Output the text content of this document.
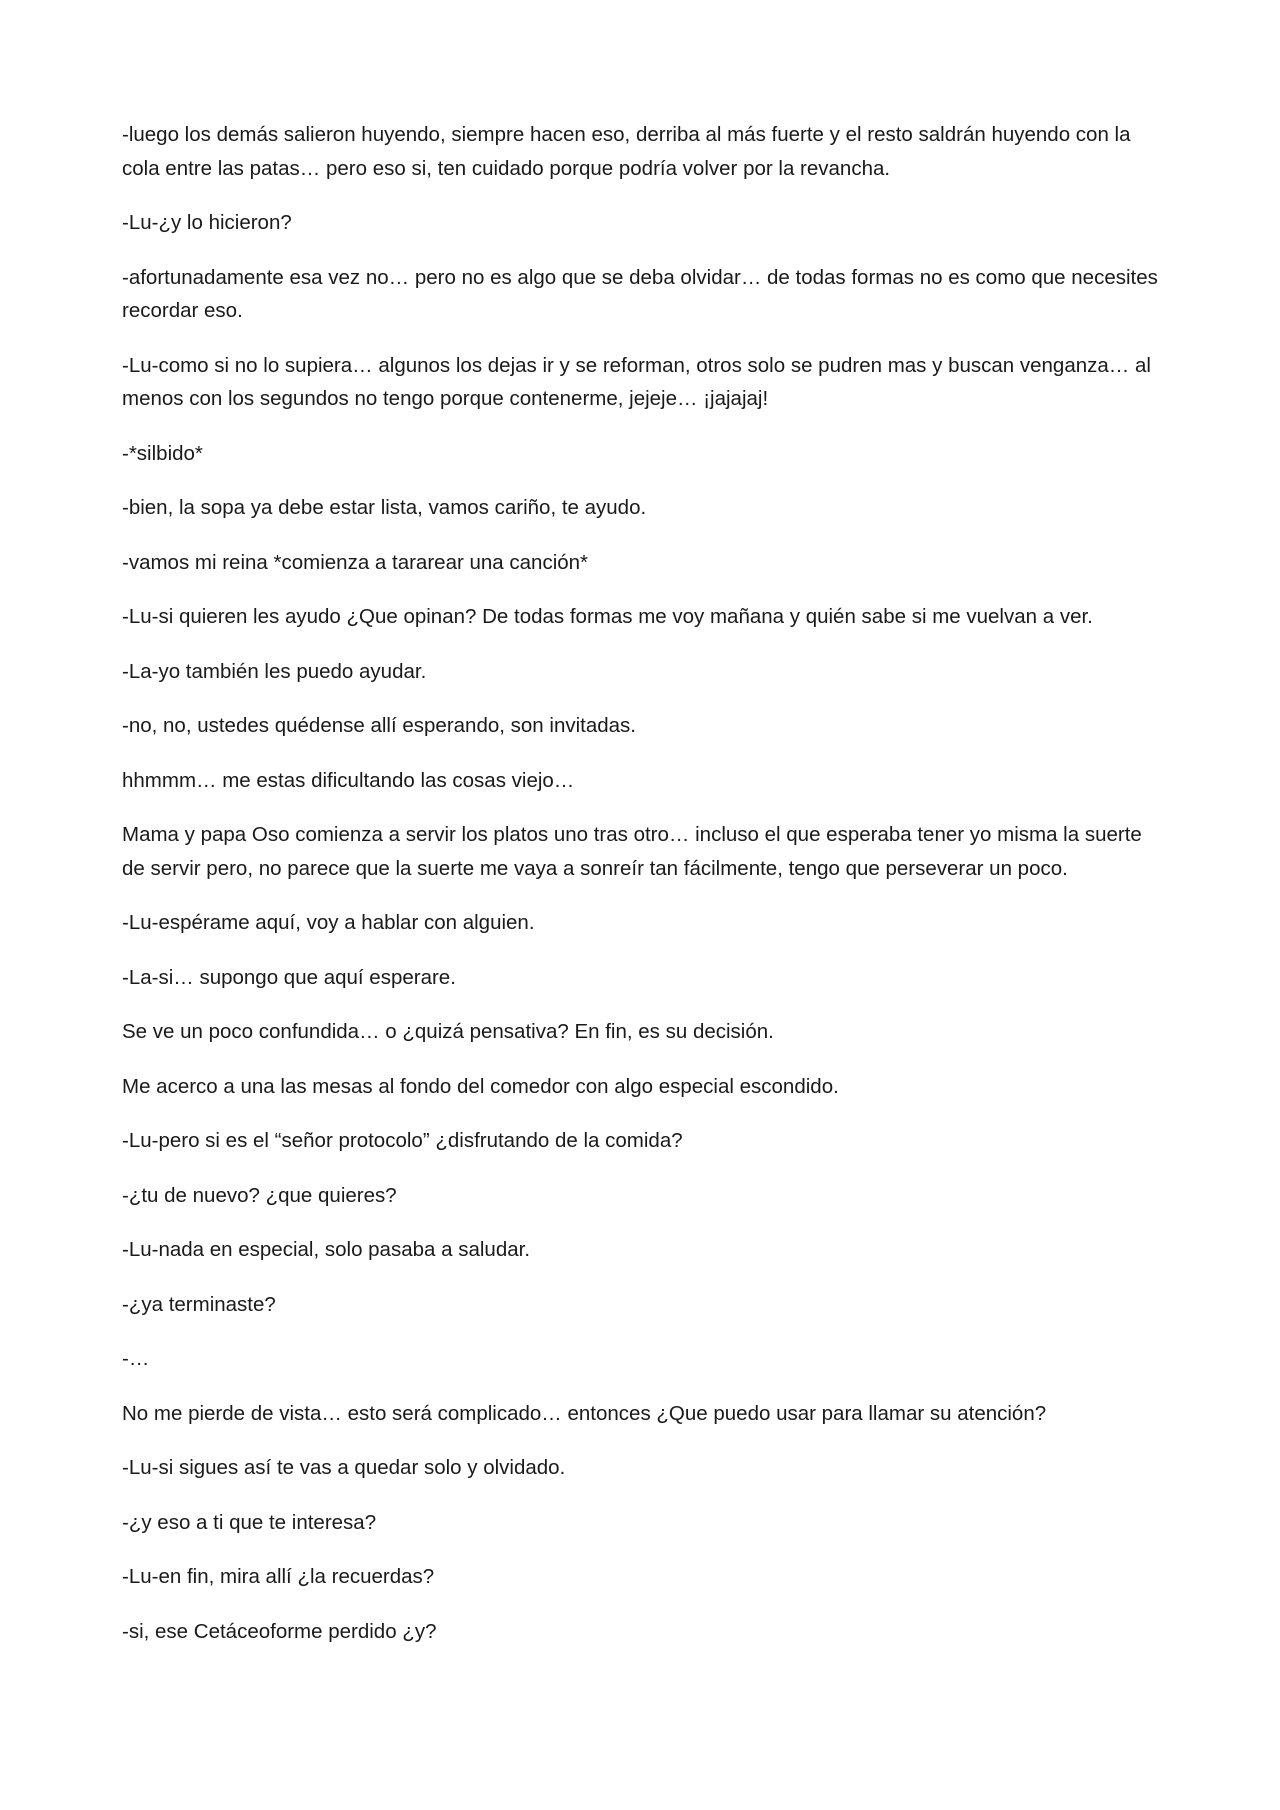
-luego los demás salieron huyendo, siempre hacen eso, derriba al más fuerte y el resto saldrán huyendo con la cola entre las patas… pero eso si, ten cuidado porque podría volver por la revancha.

-Lu-¿y lo hicieron?

-afortunadamente esa vez no… pero no es algo que se deba olvidar… de todas formas no es como que necesites recordar eso.

-Lu-como si no lo supiera… algunos los dejas ir y se reforman, otros solo se pudren mas y buscan venganza… al menos con los segundos no tengo porque contenerme, jejeje… ¡jajajaj!

-*silbido*

-bien, la sopa ya debe estar lista, vamos cariño, te ayudo.

-vamos mi reina *comienza a tararear una canción*

-Lu-si quieren les ayudo ¿Que opinan? De todas formas me voy mañana y quién sabe si me vuelvan a ver.

-La-yo también les puedo ayudar.

-no, no, ustedes quédense allí esperando, son invitadas.

hhmmm… me estas dificultando las cosas viejo…

Mama y papa Oso comienza a servir los platos uno tras otro… incluso el que esperaba tener yo misma la suerte de servir pero, no parece que la suerte me vaya a sonreír tan fácilmente, tengo que perseverar un poco.

-Lu-espérame aquí, voy a hablar con alguien.

-La-si… supongo que aquí esperare.

Se ve un poco confundida… o ¿quizá pensativa? En fin, es su decisión.

Me acerco a una las mesas al fondo del comedor con algo especial escondido.

-Lu-pero si es el “señor protocolo” ¿disfrutando de la comida?

-¿tu de nuevo? ¿que quieres?

-Lu-nada en especial, solo pasaba a saludar.

-¿ya terminaste?

-…

No me pierde de vista… esto será complicado… entonces ¿Que puedo usar para llamar su atención?

-Lu-si sigues así te vas a quedar solo y olvidado.

-¿y eso a ti que te interesa?

-Lu-en fin, mira allí ¿la recuerdas?

-si, ese Cetáceoforme perdido ¿y?
